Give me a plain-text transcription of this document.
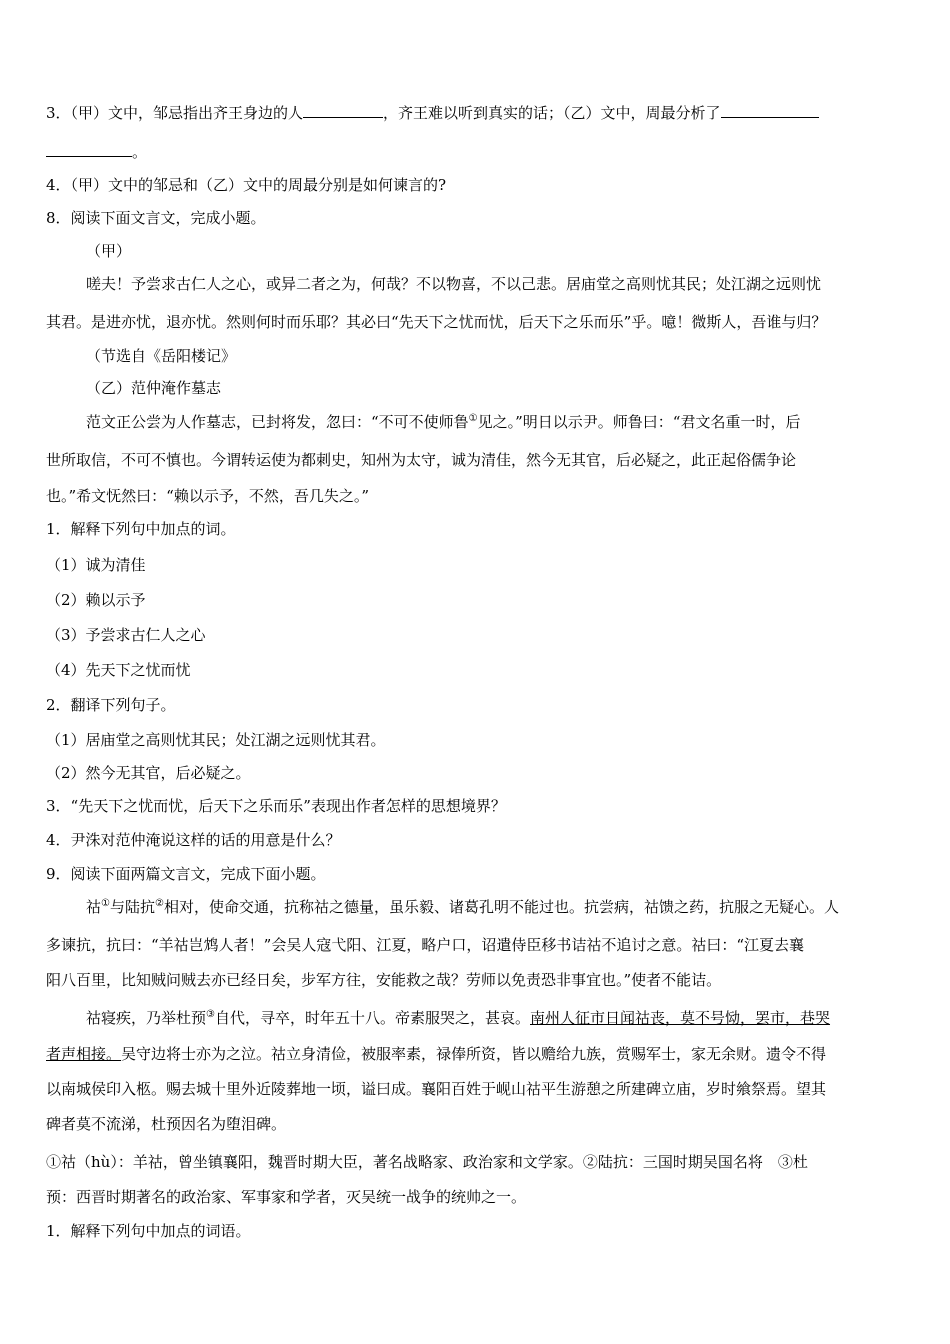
3．（甲）文中，邹忌指出齐王身边的人	，齐王难以听到真实的话；（乙）文中，周最分析了
。
4．（甲）文中的邹忌和（乙）文中的周最分别是如何谏言的?
8．阅读下面文言文，完成小题。
（甲）
嗟夫！予尝求古仁人之心，或异二者之为，何哉？不以物喜，不以己悲。居庙堂之高则忧其民；处江湖之远则忧
其君。是进亦忧，退亦忧。然则何时而乐耶？其必曰“先天下之忧而忧，后天下之乐而乐”乎。噫！微斯人，吾谁与归？
（节选自《岳阳楼记》
（乙）范仲淹作墓志
范文正公尝为人作墓志，已封将发，忽曰：“不可不使师鲁①见之。”明日以示尹。师鲁曰：“君文名重一时，后
世所取信，不可不慎也。今谓转运使为都刺史，知州为太守，诚为清佳，然今无其官，后必疑之，此正起俗儒争论
也。”希文怃然曰：“赖以示予，不然，吾几失之。”
1．解释下列句中加点的词。
（1）诚为清佳
（2）赖以示予
（3）予尝求古仁人之心
（4）先天下之忧而忧
2．翻译下列句子。
（1）居庙堂之高则忧其民；处江湖之远则忧其君。
（2）然今无其官，后必疑之。
3．“先天下之忧而忧，后天下之乐而乐”表现出作者怎样的思想境界？
4．尹洙对范仲淹说这样的话的用意是什么？
9．阅读下面两篇文言文，完成下面小题。
祜①与陆抗②相对，使命交通，抗称祜之德量，虽乐毅、诸葛孔明不能过也。抗尝病，祜馈之药，抗服之无疑心。人
多谏抗，抗曰：“羊祜岂鸩人者！”会吴人寇弋阳、江夏，略户口，诏遣侍臣移书诘祜不追讨之意。祜曰：“江夏去襄
阳八百里，比知贼问贼去亦已经日矣，步军方往，安能救之哉？劳师以免责恐非事宜也。”使者不能诘。
祜寝疾，乃举杜预③自代，寻卒，时年五十八。帝素服哭之，甚哀。南州人征市日闻祜丧，莫不号恸，罢市，巷哭
者声相接。吴守边将士亦为之泣。祜立身清俭，被服率素，禄俸所资，皆以赡给九族，赏赐军士，家无余财。遗令不得
以南城侯印入柩。赐去城十里外近陵葬地一顷，谥曰成。襄阳百姓于岘山祜平生游憩之所建碑立庙，岁时飨祭焉。望其
碑者莫不流涕，杜预因名为堕泪碑。
①祜（hù）：羊祜，曾坐镇襄阳，魏晋时期大臣，著名战略家、政治家和文学家。②陆抗：三国时期吴国名将　③杜
预：西晋时期著名的政治家、军事家和学者，灭吴统一战争的统帅之一。
1．解释下列句中加点的词语。
